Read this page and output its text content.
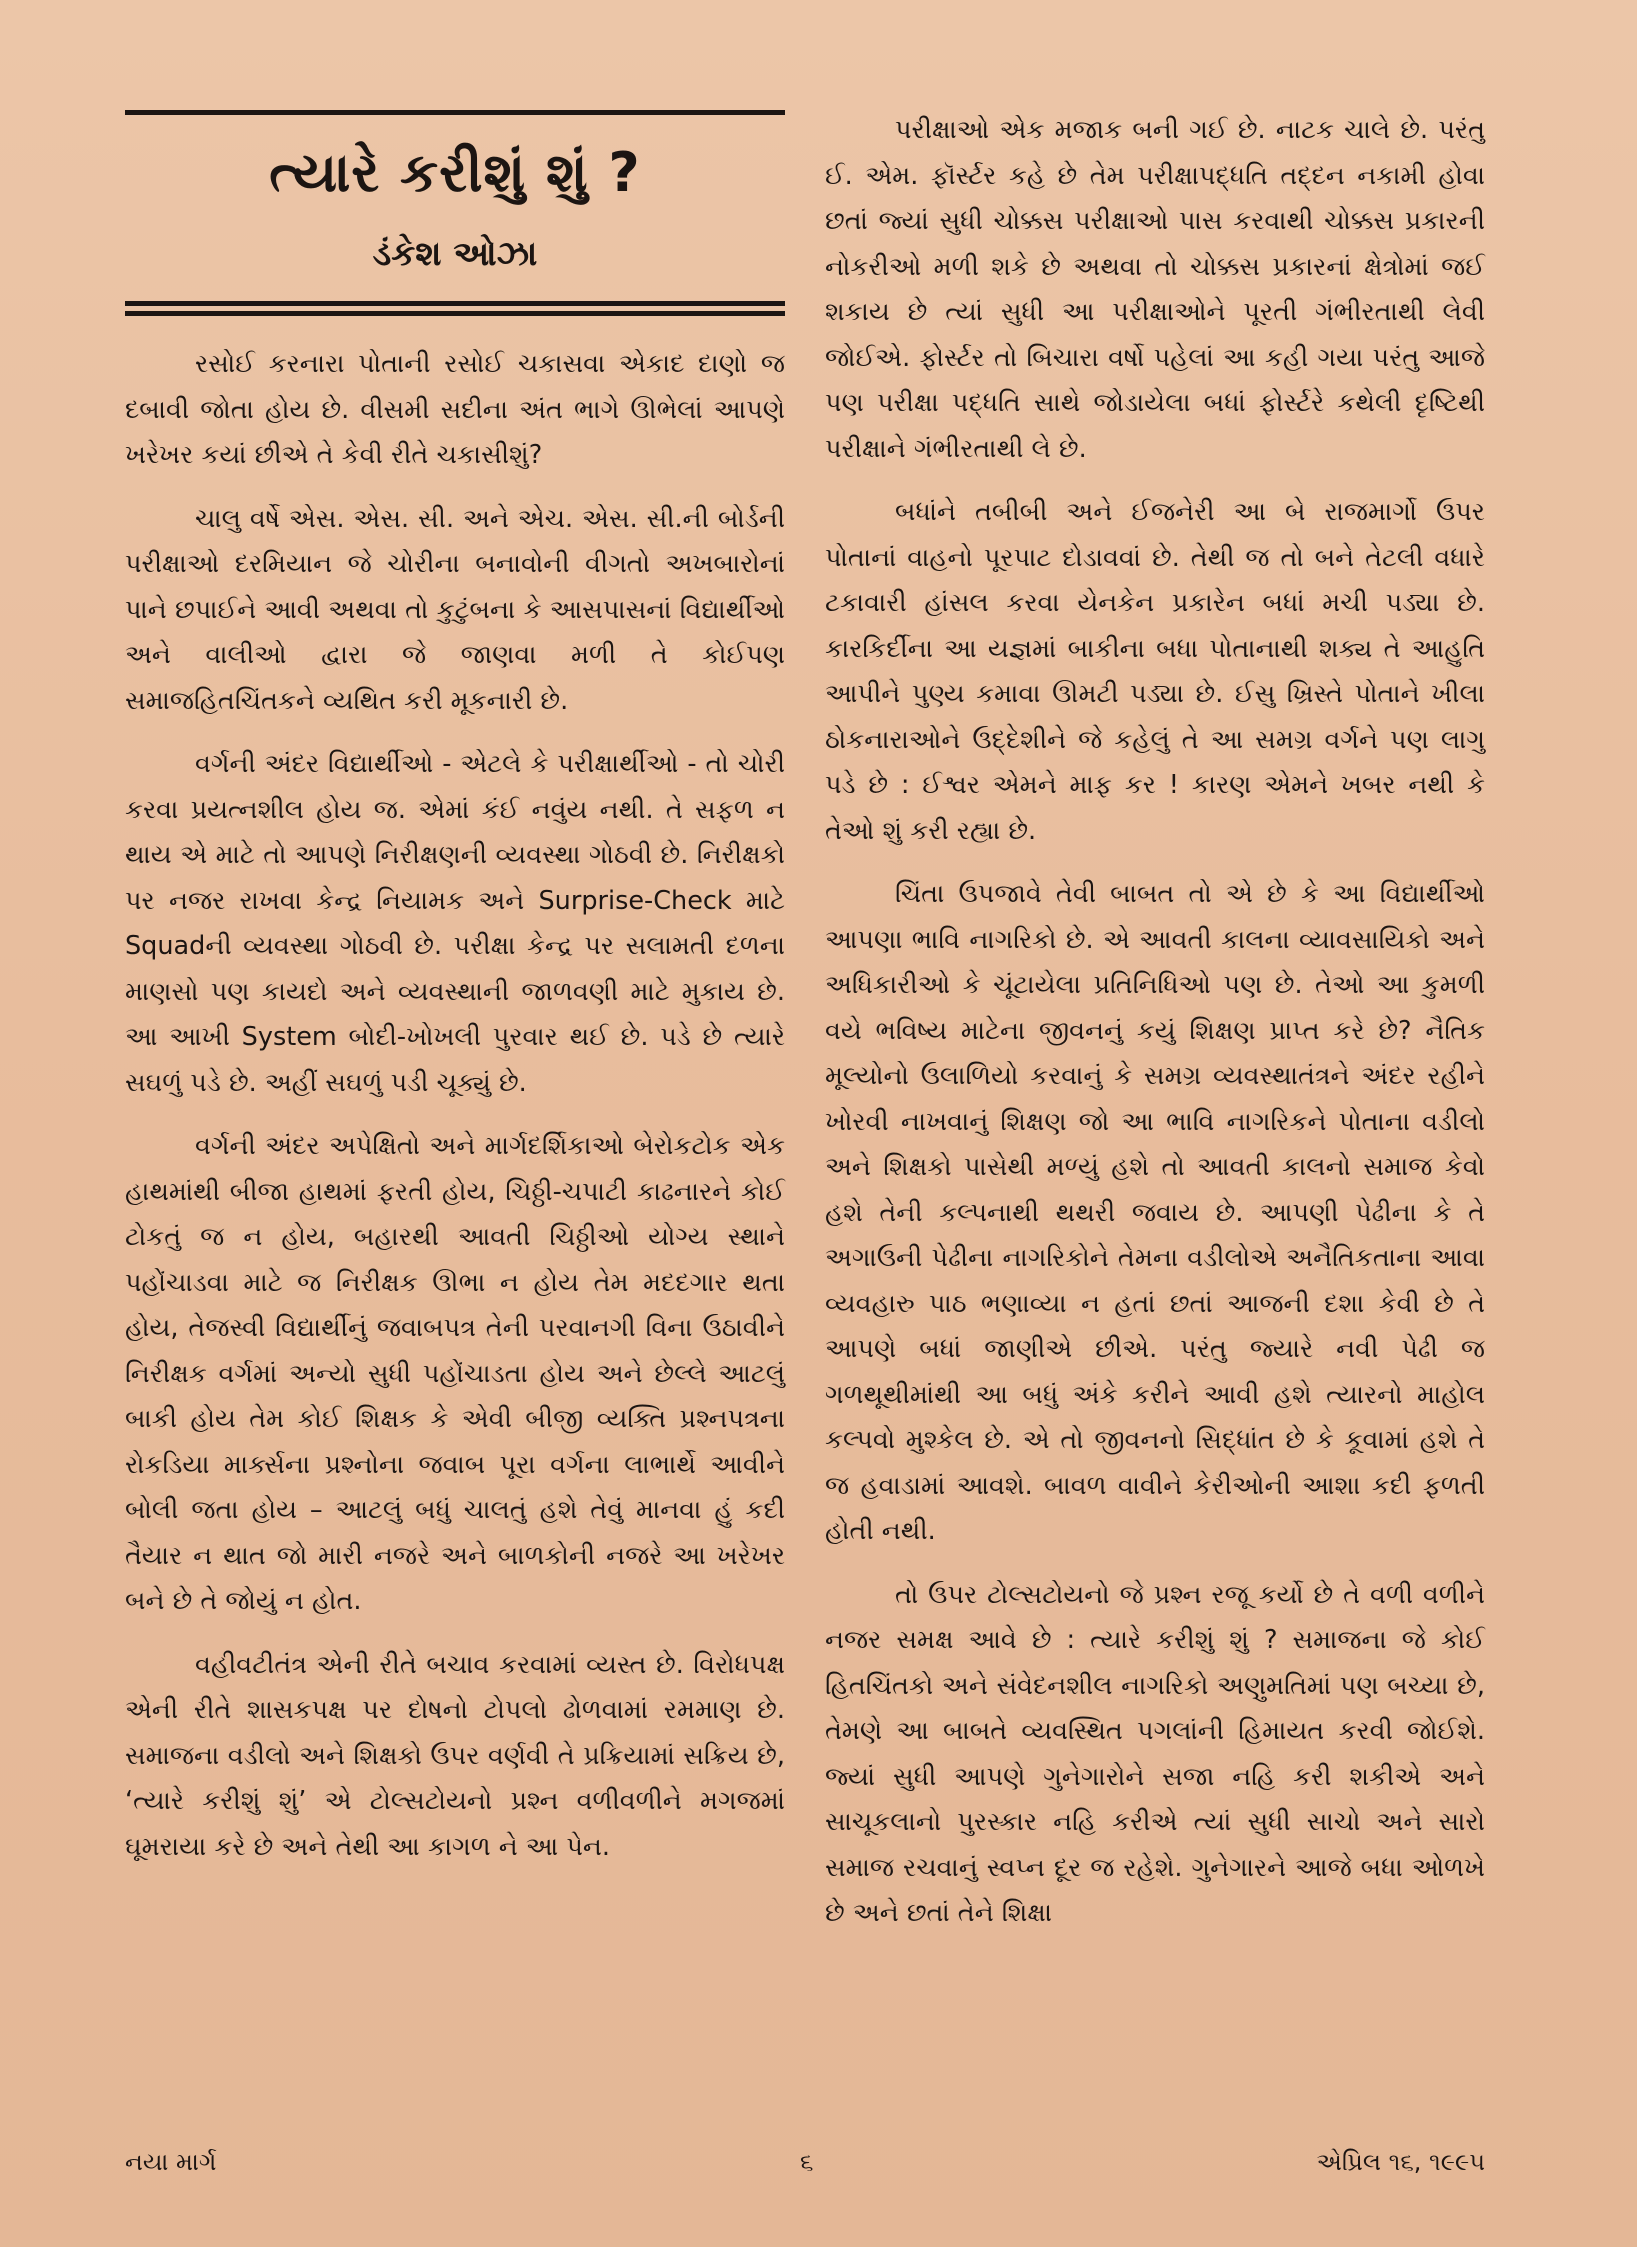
ત્યારે કરીશું શું ?
ડંકેશ ઓઝા

રસોઈ કરનારા પોતાની રસોઈ ચકાસવા એકાદ દાણો જ દબાવી જોતા હોય છે. વીસમી સદીના અંત ભાગે ઊભેલાં આપણે ખરેખર કયાં છીએ તે કેવી રીતે ચકાસીશું?

ચાલુ વર્ષે એસ. એસ. સી. અને એચ. એસ. સી.ની બોર્ડની પરીક્ષાઓ દરમિયાન જે ચોરીના બનાવોની વીગતો અખબારોનાં પાને છપાઈને આવી અથવા તો કુટુંબના કે આસપાસનાં વિદ્યાર્થીઓ અને વાલીઓ દ્વારા જે જાણવા મળી તે કોઈપણ સમાજહિતચિંતકને વ્યથિત કરી મૂકનારી છે.

વર્ગની અંદર વિદ્યાર્થીઓ - એટલે કે પરીક્ષાર્થીઓ - તો ચોરી કરવા પ્રયત્નશીલ હોય જ. એમાં કંઈ નવુંય નથી. તે સફળ ન થાય એ માટે તો આપણે નિરીક્ષણની વ્યવસ્થા ગોઠવી છે. નિરીક્ષકો પર નજર રાખવા કેન્દ્ર નિયામક અને Surprise-Check માટે Squadની વ્યવસ્થા ગોઠવી છે. પરીક્ષા કેન્દ્ર પર સલામતી દળના માણસો પણ કાયદો અને વ્યવસ્થાની જાળવણી માટે મુકાય છે. આ આખી System બોદી-ખોખલી પુરવાર થઈ છે. પડે છે ત્યારે સઘળું પડે છે. અહીં સઘળું પડી ચૂક્યું છે.

વર્ગની અંદર અપેક્ષિતો અને માર્ગદર્શિકાઓ બેરોકટોક એક હાથમાંથી બીજા હાથમાં ફરતી હોય, ચિઠ્ઠી-ચપાટી કાઢનારને કોઈ ટોકતું જ ન હોય, બહારથી આવતી ચિઠ્ઠીઓ યોગ્ય સ્થાને પહોંચાડવા માટે જ નિરીક્ષક ઊભા ન હોય તેમ મદદગાર થતા હોય, તેજસ્વી વિદ્યાર્થીનું જવાબપત્ર તેની પરવાનગી વિના ઉઠાવીને નિરીક્ષક વર્ગમાં અન્યો સુધી પહોંચાડતા હોય અને છેલ્લે આટલું બાકી હોય તેમ કોઈ શિક્ષક કે એવી બીજી વ્યક્તિ પ્રશ્નપત્રના રોકડિયા માર્ક્સના પ્રશ્નોના જવાબ પૂરા વર્ગના લાભાર્થે આવીને બોલી જતા હોય – આટલું બધું ચાલતું હશે તેવું માનવા હું કદી તૈયાર ન થાત જો મારી નજરે અને બાળકોની નજરે આ ખરેખર બને છે તે જોયું ન હોત.

વહીવટીતંત્ર એની રીતે બચાવ કરવામાં વ્યસ્ત છે. વિરોધપક્ષ એની રીતે શાસકપક્ષ પર દોષનો ટોપલો ઢોળવામાં રમમાણ છે. સમાજના વડીલો અને શિક્ષકો ઉપર વર્ણવી તે પ્રક્રિયામાં સક્રિય છે, ‘ત્યારે કરીશું શું’ એ ટોલ્સટોયનો પ્રશ્ન વળીવળીને મગજમાં ઘૂમરાયા કરે છે અને તેથી આ કાગળ ને આ પેન.

પરીક્ષાઓ એક મજાક બની ગઈ છે. નાટક ચાલે છે. પરંતુ ઈ. એમ. ફૉર્સ્ટર કહે છે તેમ પરીક્ષાપદ્ધતિ તદ્દન નકામી હોવા છતાં જ્યાં સુધી ચોક્કસ પરીક્ષાઓ પાસ કરવાથી ચોક્કસ પ્રકારની નોકરીઓ મળી શકે છે અથવા તો ચોક્કસ પ્રકારનાં ક્ષેત્રોમાં જઈ શકાય છે ત્યાં સુધી આ પરીક્ષાઓને પૂરતી ગંભીરતાથી લેવી જોઈએ. ફોર્સ્ટર તો બિચારા વર્ષો પહેલાં આ કહી ગયા પરંતુ આજે પણ પરીક્ષા પદ્ધતિ સાથે જોડાયેલા બધાં ફોર્સ્ટરે કથેલી દૃષ્ટિથી પરીક્ષાને ગંભીરતાથી લે છે.

બધાંને તબીબી અને ઈજનેરી આ બે રાજમાર્ગો ઉપર પોતાનાં વાહનો પૂરપાટ દોડાવવાં છે. તેથી જ તો બને તેટલી વધારે ટકાવારી હાંસલ કરવા યેનકેન પ્રકારેન બધાં મચી પડ્યા છે. કારકિર્દીના આ યજ્ઞમાં બાકીના બધા પોતાનાથી શક્ય તે આહુતિ આપીને પુણ્ય કમાવા ઊમટી પડ્યા છે. ઈસુ ખ્રિસ્તે પોતાને ખીલા ઠોકનારાઓને ઉદ્દેશીને જે કહેલું તે આ સમગ્ર વર્ગને પણ લાગુ પડે છે : ઈશ્વર એમને માફ કર ! કારણ એમને ખબર નથી કે તેઓ શું કરી રહ્યા છે.

ચિંતા ઉપજાવે તેવી બાબત તો એ છે કે આ વિદ્યાર્થીઓ આપણા ભાવિ નાગરિકો છે. એ આવતી કાલના વ્યાવસાયિકો અને અધિકારીઓ કે ચૂંટાયેલા પ્રતિનિધિઓ પણ છે. તેઓ આ કુમળી વયે ભવિષ્ય માટેના જીવનનું કયું શિક્ષણ પ્રાપ્ત કરે છે? નૈતિક મૂલ્યોનો ઉલાળિયો કરવાનું કે સમગ્ર વ્યવસ્થાતંત્રને અંદર રહીને ખોરવી નાખવાનું શિક્ષણ જો આ ભાવિ નાગરિકને પોતાના વડીલો અને શિક્ષકો પાસેથી મળ્યું હશે તો આવતી કાલનો સમાજ કેવો હશે તેની કલ્પનાથી થથરી જવાય છે. આપણી પેઢીના કે તે અગાઉની પેઢીના નાગરિકોને તેમના વડીલોએ અનૈતિકતાના આવા વ્યવહારુ પાઠ ભણાવ્યા ન હતાં છતાં આજની દશા કેવી છે તે આપણે બધાં જાણીએ છીએ. પરંતુ જ્યારે નવી પેઢી જ ગળથૂથીમાંથી આ બધું અંકે કરીને આવી હશે ત્યારનો માહોલ કલ્પવો મુશ્કેલ છે. એ તો જીવનનો સિદ્ધાંત છે કે કૂવામાં હશે તે જ હવાડામાં આવશે. બાવળ વાવીને કેરીઓની આશા કદી ફળતી હોતી નથી.

તો ઉપર ટોલ્સટોયનો જે પ્રશ્ન રજૂ કર્યો છે તે વળી વળીને નજર સમક્ષ આવે છે : ત્યારે કરીશું શું ? સમાજના જે કોઈ હિતચિંતકો અને સંવેદનશીલ નાગરિકો અણુમતિમાં પણ બચ્યા છે, તેમણે આ બાબતે વ્યવસ્થિત પગલાંની હિમાયત કરવી જોઈશે. જ્યાં સુધી આપણે ગુનેગારોને સજા નહિ કરી શકીએ અને સાચૂકલાનો પુરસ્કાર નહિ કરીએ ત્યાં સુધી સાચો અને સારો સમાજ રચવાનું સ્વપ્ન દૂર જ રહેશે. ગુનેગારને આજે બધા ઓળખે છે અને છતાં તેને શિક્ષા

નયા માર્ગ	૬	એપ્રિલ ૧૬, ૧૯૯૫
